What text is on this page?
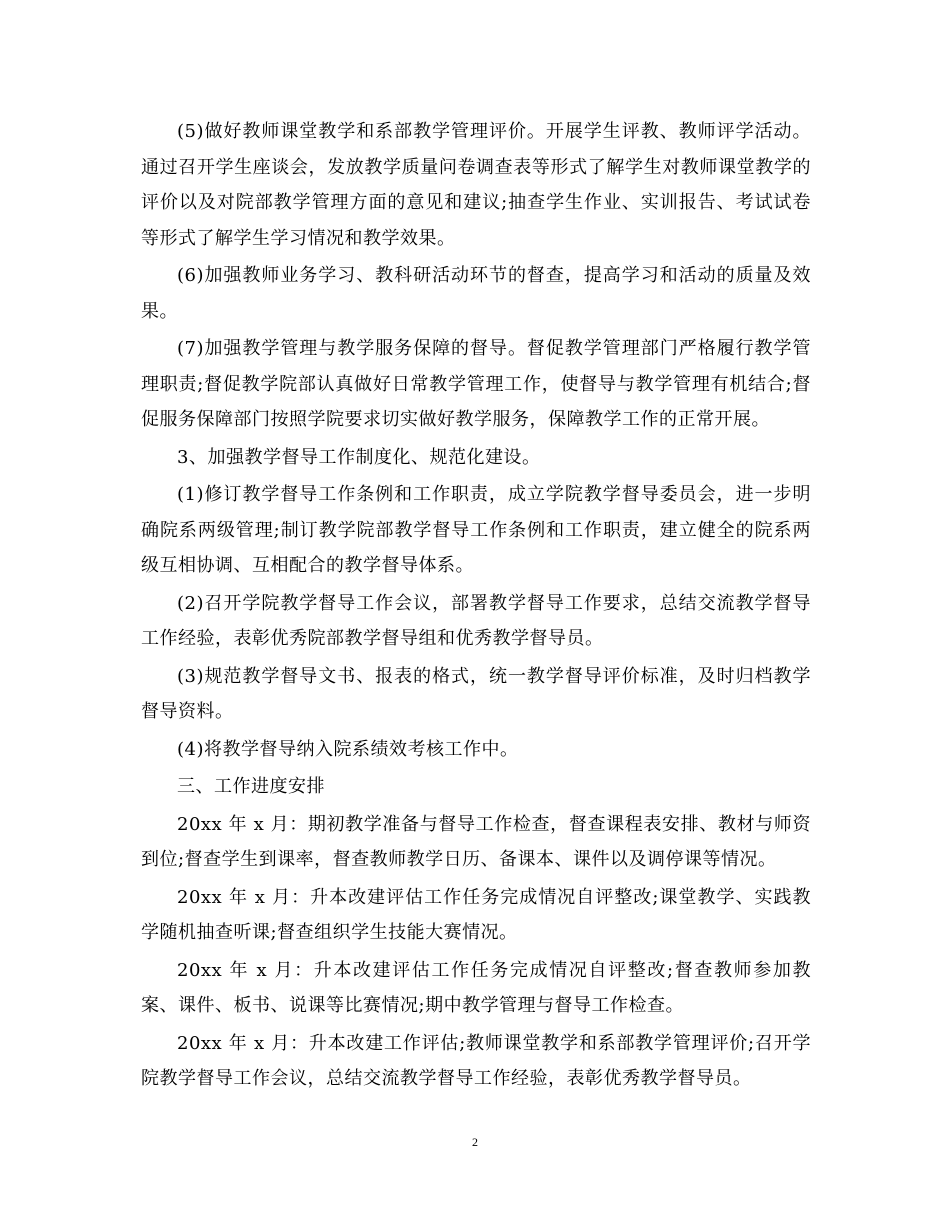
(5)做好教师课堂教学和系部教学管理评价。开展学生评教、教师评学活动。通过召开学生座谈会，发放教学质量问卷调查表等形式了解学生对教师课堂教学的评价以及对院部教学管理方面的意见和建议;抽查学生作业、实训报告、考试试卷等形式了解学生学习情况和教学效果。

(6)加强教师业务学习、教科研活动环节的督查，提高学习和活动的质量及效果。

(7)加强教学管理与教学服务保障的督导。督促教学管理部门严格履行教学管理职责;督促教学院部认真做好日常教学管理工作，使督导与教学管理有机结合;督促服务保障部门按照学院要求切实做好教学服务，保障教学工作的正常开展。

3、加强教学督导工作制度化、规范化建设。

(1)修订教学督导工作条例和工作职责，成立学院教学督导委员会，进一步明确院系两级管理;制订教学院部教学督导工作条例和工作职责，建立健全的院系两级互相协调、互相配合的教学督导体系。

(2)召开学院教学督导工作会议，部署教学督导工作要求，总结交流教学督导工作经验，表彰优秀院部教学督导组和优秀教学督导员。

(3)规范教学督导文书、报表的格式，统一教学督导评价标准，及时归档教学督导资料。

(4)将教学督导纳入院系绩效考核工作中。

三、工作进度安排

20xx 年 x 月：期初教学准备与督导工作检查，督查课程表安排、教材与师资到位;督查学生到课率，督查教师教学日历、备课本、课件以及调停课等情况。

20xx 年 x 月：升本改建评估工作任务完成情况自评整改;课堂教学、实践教学随机抽查听课;督查组织学生技能大赛情况。

20xx 年 x 月：升本改建评估工作任务完成情况自评整改;督查教师参加教案、课件、板书、说课等比赛情况;期中教学管理与督导工作检查。

20xx 年 x 月：升本改建工作评估;教师课堂教学和系部教学管理评价;召开学院教学督导工作会议，总结交流教学督导工作经验，表彰优秀教学督导员。

2
